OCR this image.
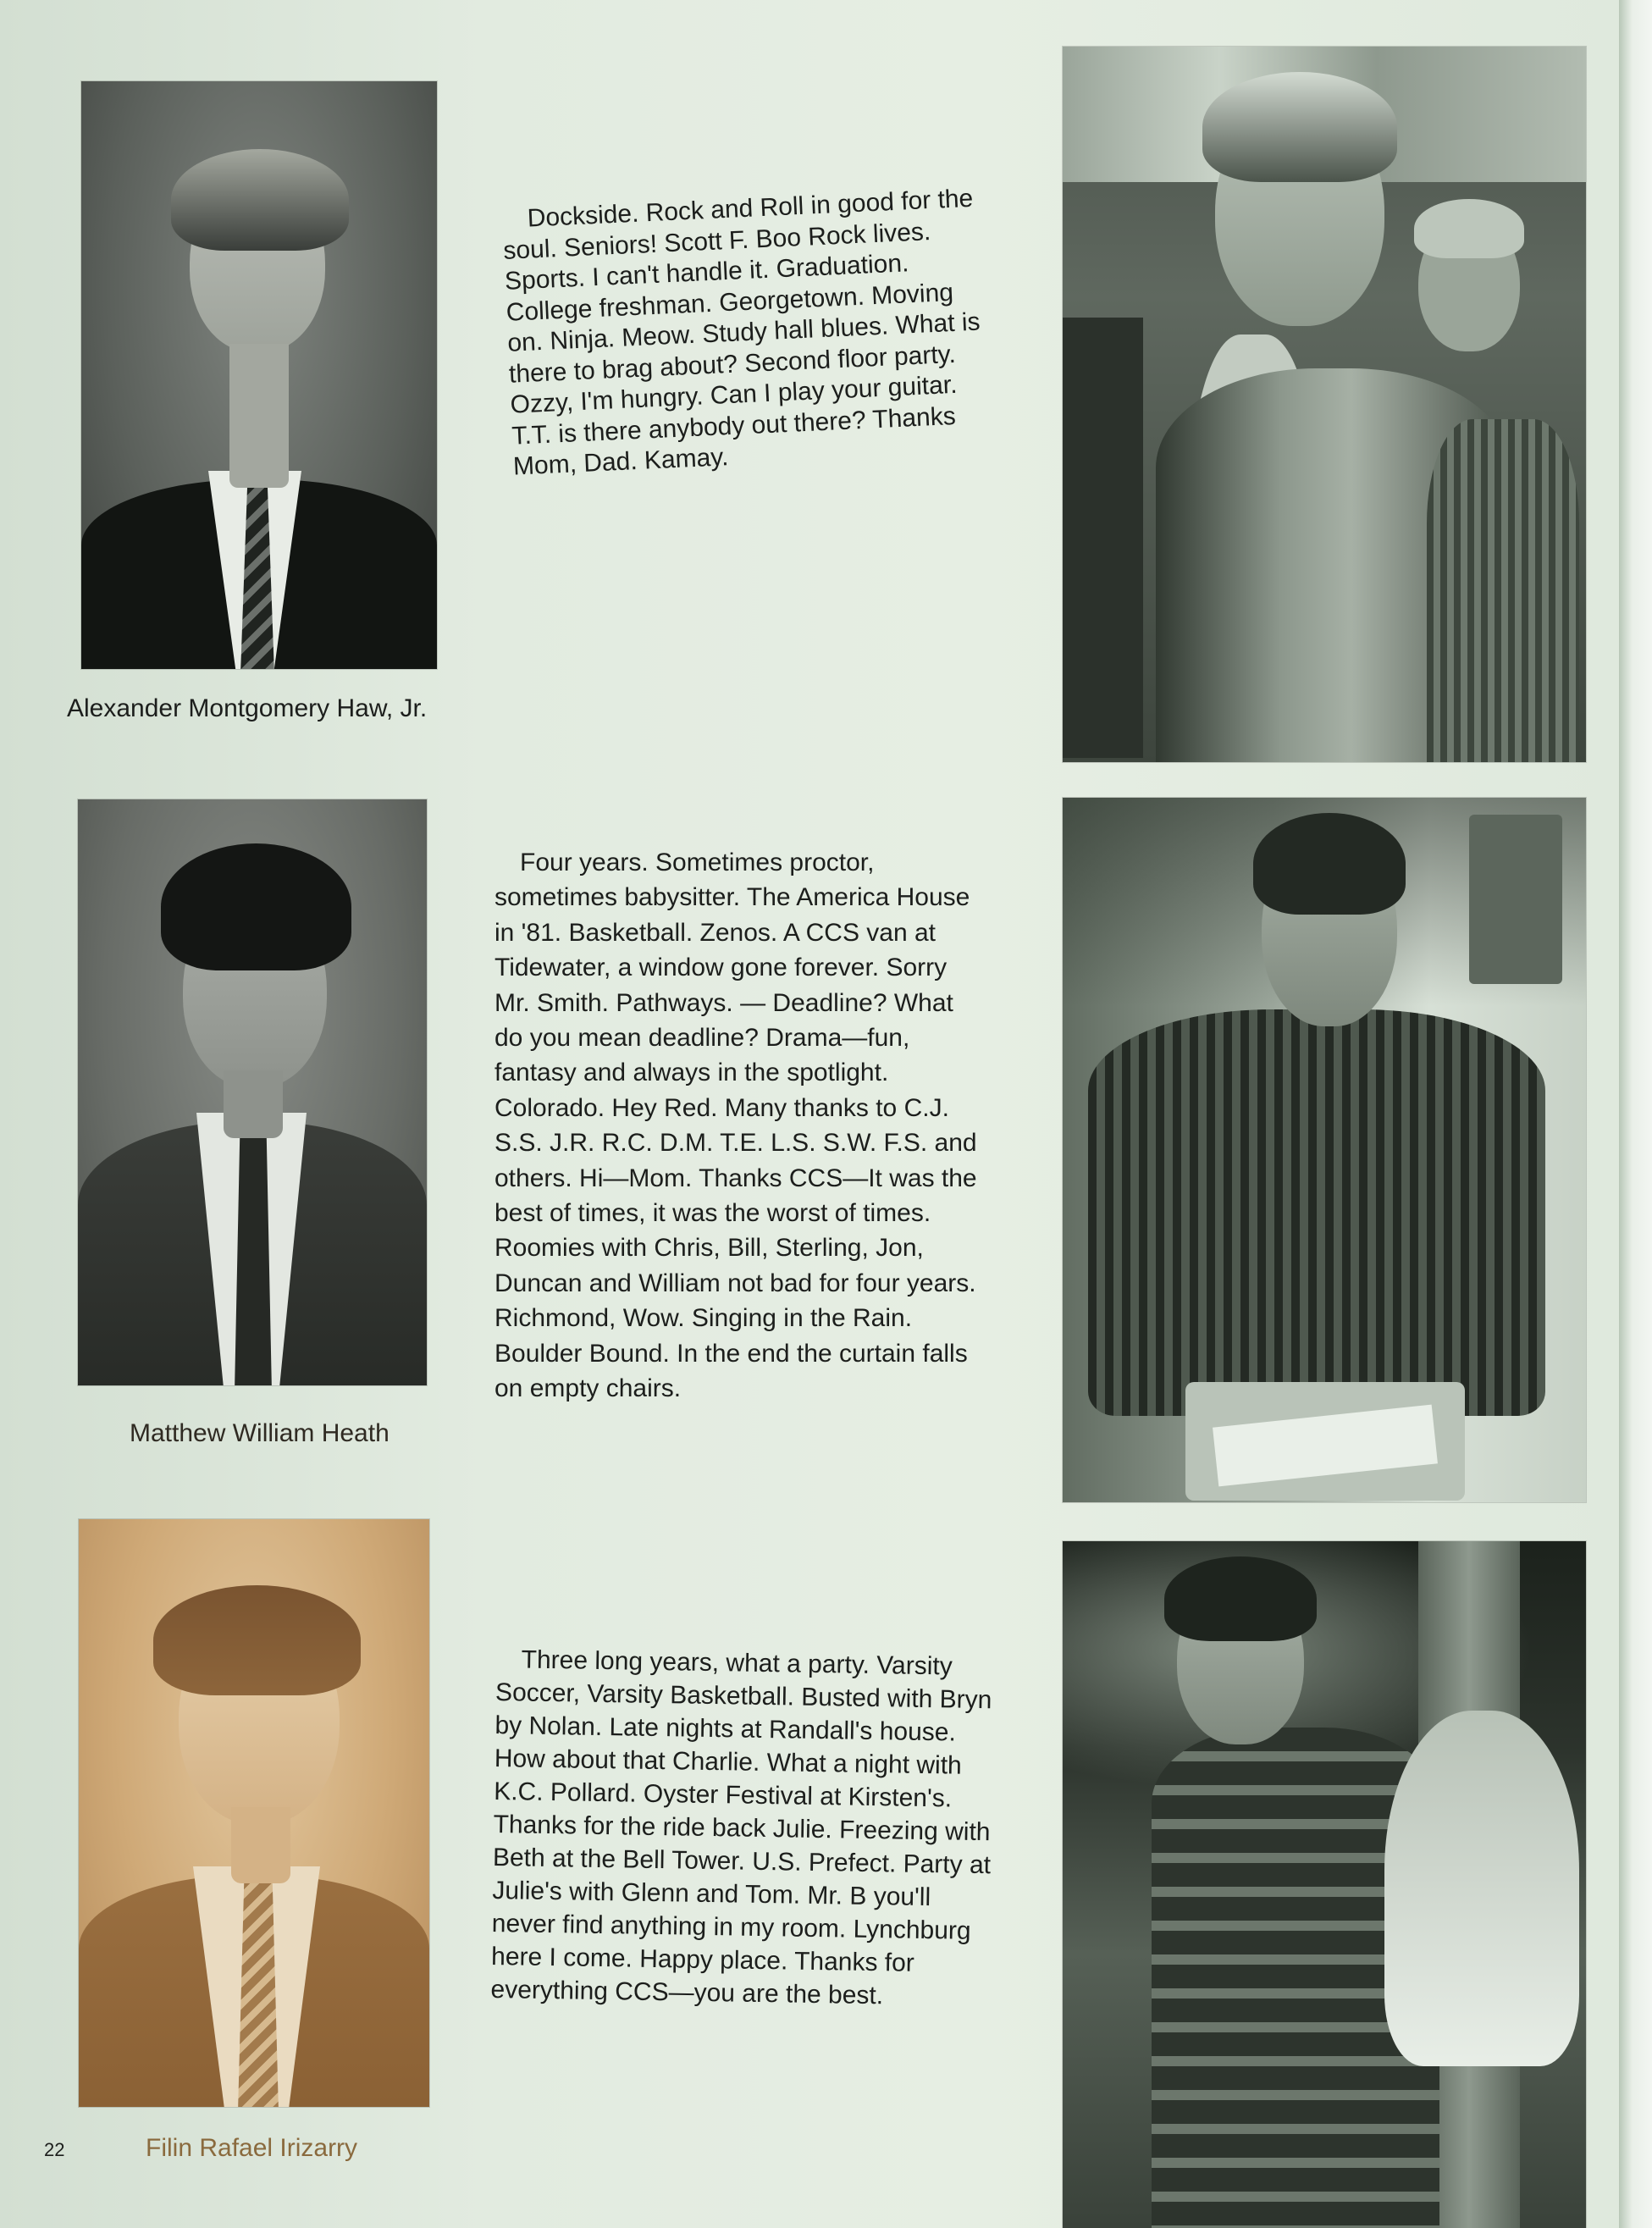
Alexander Montgomery Haw, Jr.

Dockside. Rock and Roll in good for the soul. Seniors! Scott F. Boo Rock lives. Sports. I can't handle it. Graduation. College freshman. Georgetown. Moving on. Ninja. Meow. Study hall blues. What is there to brag about? Second floor party. Ozzy, I'm hungry. Can I play your guitar. T.T. is there anybody out there? Thanks Mom, Dad. Kamay.

Matthew William Heath

Four years. Sometimes proctor, sometimes babysitter. The America House in '81. Basketball. Zenos. A CCS van at Tidewater, a window gone forever. Sorry Mr. Smith. Pathways. — Deadline? What do you mean deadline? Drama—fun, fantasy and always in the spotlight. Colorado. Hey Red. Many thanks to C.J. S.S. J.R. R.C. D.M. T.E. L.S. S.W. F.S. and others. Hi—Mom. Thanks CCS—It was the best of times, it was the worst of times. Roomies with Chris, Bill, Sterling, Jon, Duncan and William not bad for four years. Richmond, Wow. Singing in the Rain. Boulder Bound. In the end the curtain falls on empty chairs.

Filin Rafael Irizarry

Three long years, what a party. Varsity Soccer, Varsity Basketball. Busted with Bryn by Nolan. Late nights at Randall's house. How about that Charlie. What a night with K.C. Pollard. Oyster Festival at Kirsten's. Thanks for the ride back Julie. Freezing with Beth at the Bell Tower. U.S. Prefect. Party at Julie's with Glenn and Tom. Mr. B you'll never find anything in my room. Lynchburg here I come. Happy place. Thanks for everything CCS—you are the best.

22
